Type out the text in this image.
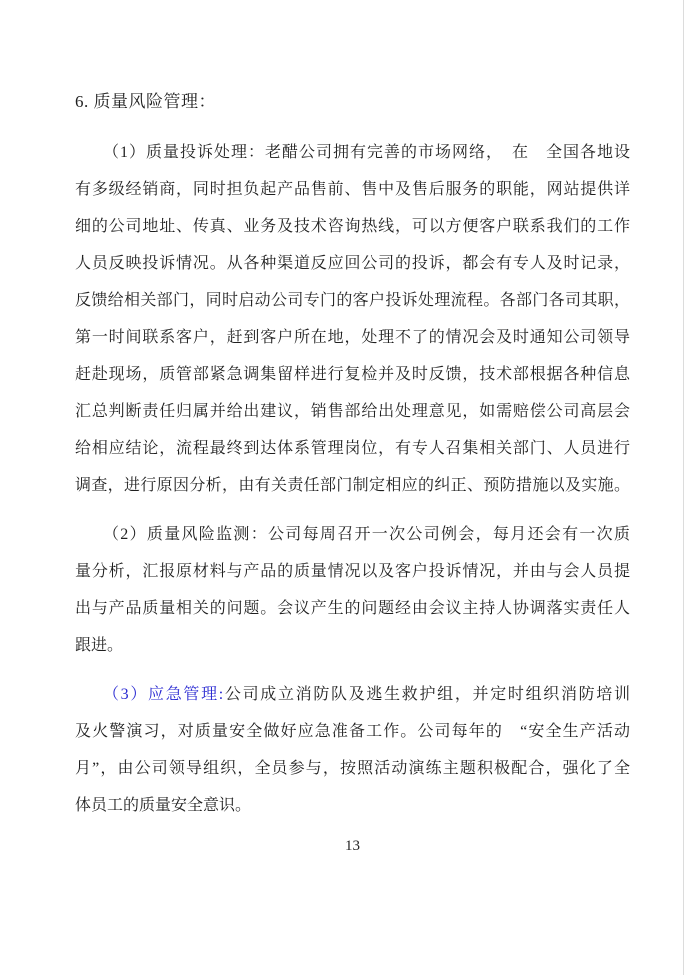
6. 质量风险管理：
（1）质量投诉处理：老醋公司拥有完善的市场网络，　在　全国各地设
有多级经销商，同时担负起产品售前、售中及售后服务的职能，网站提供详
细的公司地址、传真、业务及技术咨询热线，可以方便客户联系我们的工作
人员反映投诉情况。从各种渠道反应回公司的投诉，都会有专人及时记录，
反馈给相关部门，同时启动公司专门的客户投诉处理流程。各部门各司其职，
第一时间联系客户，赶到客户所在地，处理不了的情况会及时通知公司领导
赶赴现场，质管部紧急调集留样进行复检并及时反馈，技术部根据各种信息
汇总判断责任归属并给出建议，销售部给出处理意见，如需赔偿公司高层会
给相应结论，流程最终到达体系管理岗位，有专人召集相关部门、人员进行
调查，进行原因分析，由有关责任部门制定相应的纠正、预防措施以及实施。
（2）质量风险监测：公司每周召开一次公司例会，每月还会有一次质
量分析，汇报原材料与产品的质量情况以及客户投诉情况，并由与会人员提
出与产品质量相关的问题。会议产生的问题经由会议主持人协调落实责任人
跟进。
（3）应急管理:公司成立消防队及逃生救护组，并定时组织消防培训
及火警演习，对质量安全做好应急准备工作。公司每年的　“安全生产活动
月”，由公司领导组织，全员参与，按照活动演练主题积极配合，强化了全
体员工的质量安全意识。
13
